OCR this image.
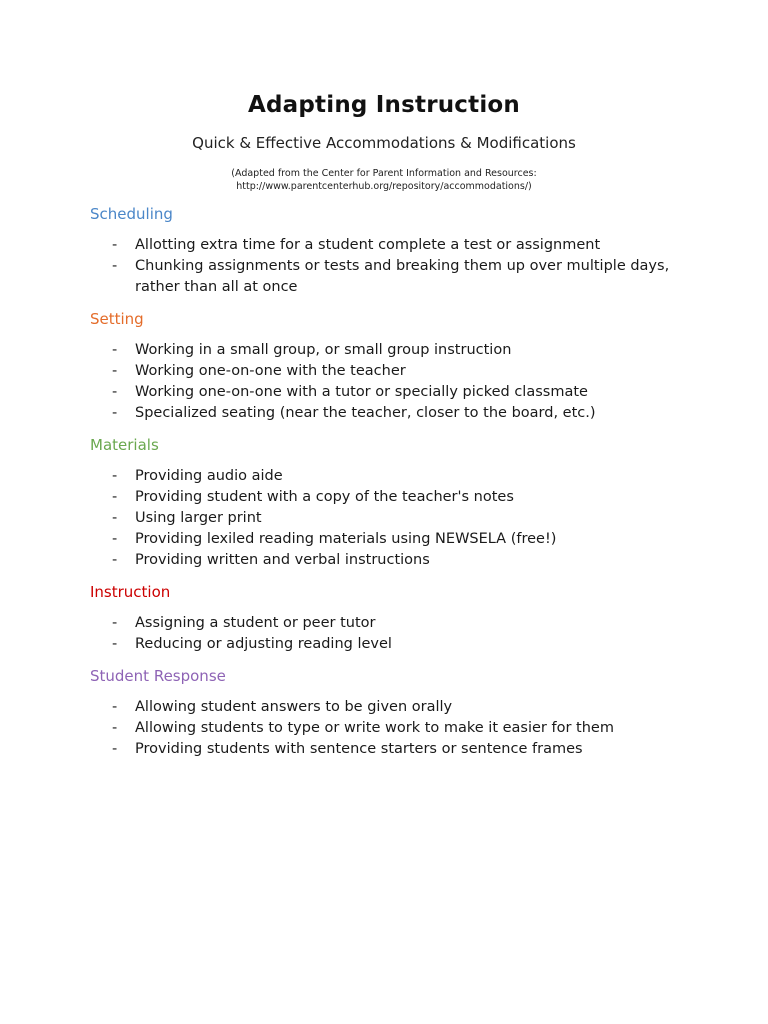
Adapting Instruction
Quick & Effective Accommodations & Modifications
(Adapted from the Center for Parent Information and Resources:
http://www.parentcenterhub.org/repository/accommodations/)
Scheduling
- Allotting extra time for a student complete a test or assignment
- Chunking assignments or tests and breaking them up over multiple days, rather than all at once
Setting
- Working in a small group, or small group instruction
- Working one-on-one with the teacher
- Working one-on-one with a tutor or specially picked classmate
- Specialized seating (near the teacher, closer to the board, etc.)
Materials
- Providing audio aide
- Providing student with a copy of the teacher's notes
- Using larger print
- Providing lexiled reading materials using NEWSELA (free!)
- Providing written and verbal instructions
Instruction
- Assigning a student or peer tutor
- Reducing or adjusting reading level
Student Response
- Allowing student answers to be given orally
- Allowing students to type or write work to make it easier for them
- Providing students with sentence starters or sentence frames
